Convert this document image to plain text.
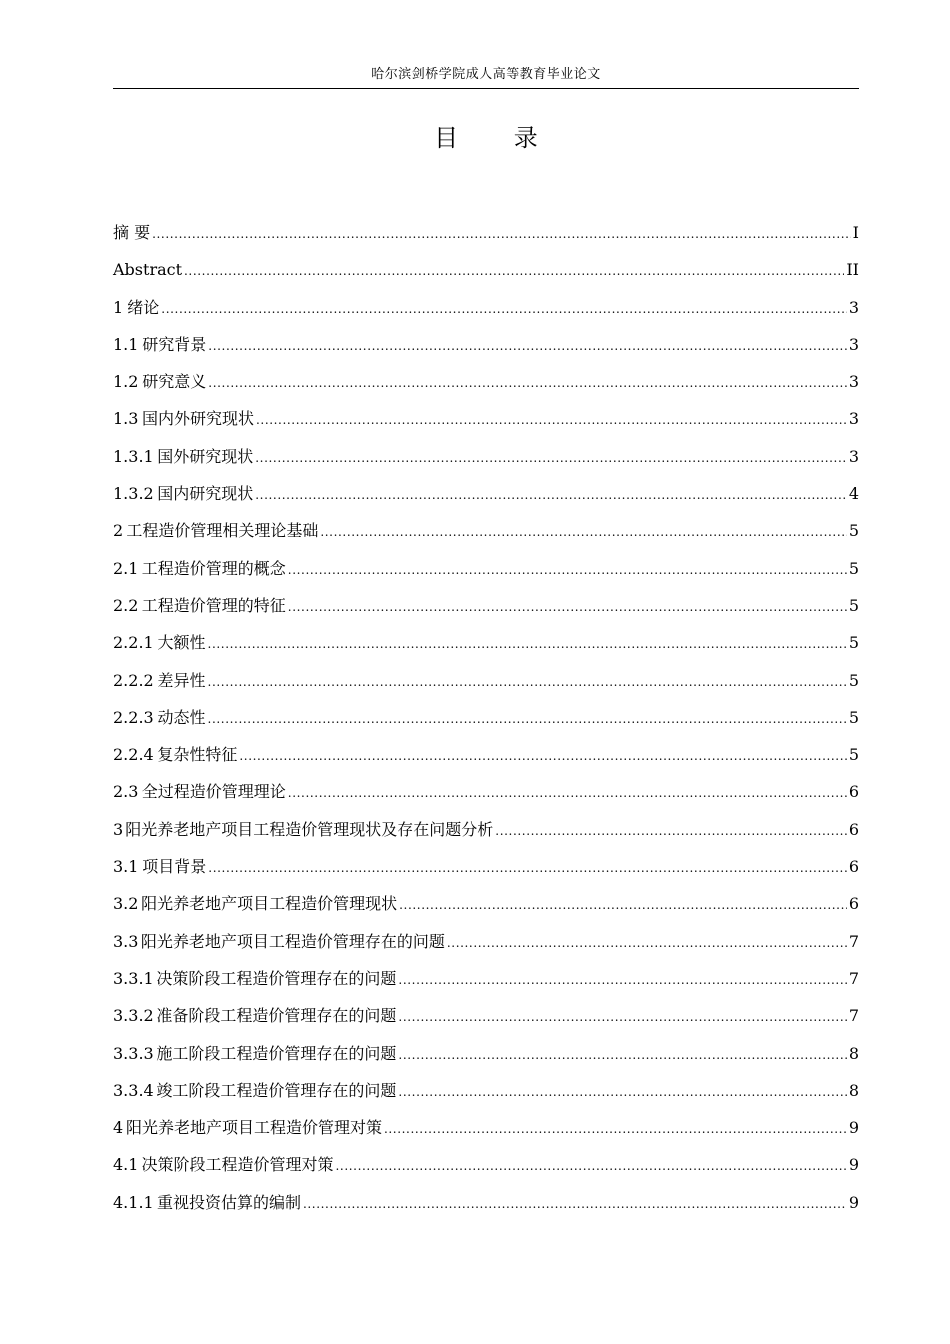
哈尔滨剑桥学院成人高等教育毕业论文
目 录
摘 要 .....	I
Abstract .....	II
1 绪论 .....	3
1.1 研究背景 .....	3
1.2 研究意义 .....	3
1.3 国内外研究现状 .....	3
1.3.1 国外研究现状 .....	3
1.3.2 国内研究现状 .....	4
2 工程造价管理相关理论基础 .....	5
2.1 工程造价管理的概念 .....	5
2.2 工程造价管理的特征 .....	5
2.2.1 大额性 .....	5
2.2.2 差异性 .....	5
2.2.3 动态性 .....	5
2.2.4 复杂性特征 .....	5
2.3 全过程造价管理理论 .....	6
3 阳光养老地产项目工程造价管理现状及存在问题分析 .....	6
3.1 项目背景 .....	6
3.2 阳光养老地产项目工程造价管理现状 .....	6
3.3 阳光养老地产项目工程造价管理存在的问题 .....	7
3.3.1 决策阶段工程造价管理存在的问题 .....	7
3.3.2 准备阶段工程造价管理存在的问题 .....	7
3.3.3 施工阶段工程造价管理存在的问题 .....	8
3.3.4 竣工阶段工程造价管理存在的问题 .....	8
4 阳光养老地产项目工程造价管理对策 .....	9
4.1 决策阶段工程造价管理对策 .....	9
4.1.1 重视投资估算的编制 .....	9
